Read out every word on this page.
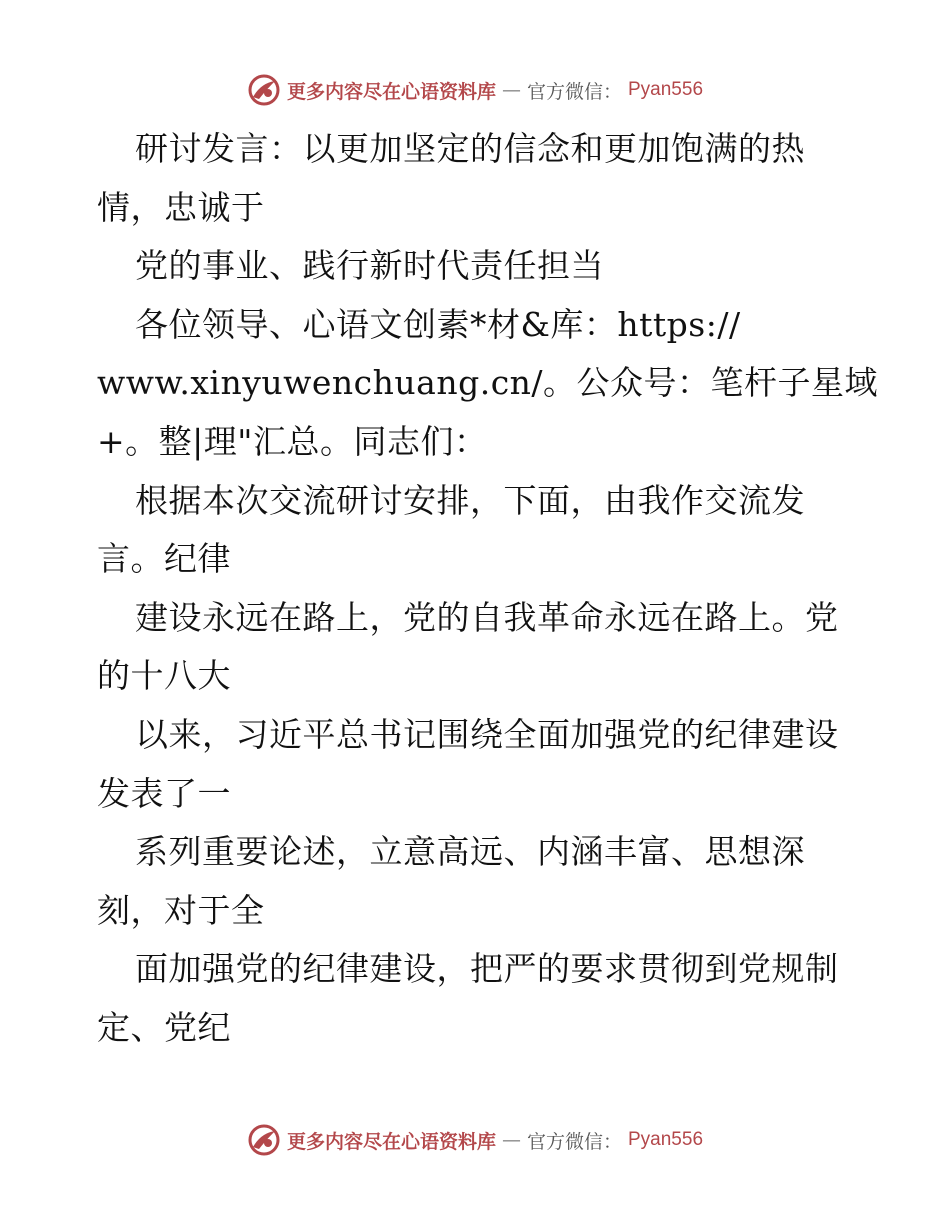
更多内容尽在心语资料库 — 官方微信： Pyan556
研讨发言：以更加坚定的信念和更加饱满的热
情，忠诚于
党的事业、践行新时代责任担当
各位领导、心语文创素*材&库：https://
www.xinyuwenchuang.cn/。公众号：笔杆子星域
+。整|理"汇总。同志们：
根据本次交流研讨安排，下面，由我作交流发
言。纪律
建设永远在路上，党的自我革命永远在路上。党
的十八大
以来，习近平总书记围绕全面加强党的纪律建设
发表了一
系列重要论述，立意高远、内涵丰富、思想深
刻，对于全
面加强党的纪律建设，把严的要求贯彻到党规制
定、党纪
更多内容尽在心语资料库 — 官方微信： Pyan556
